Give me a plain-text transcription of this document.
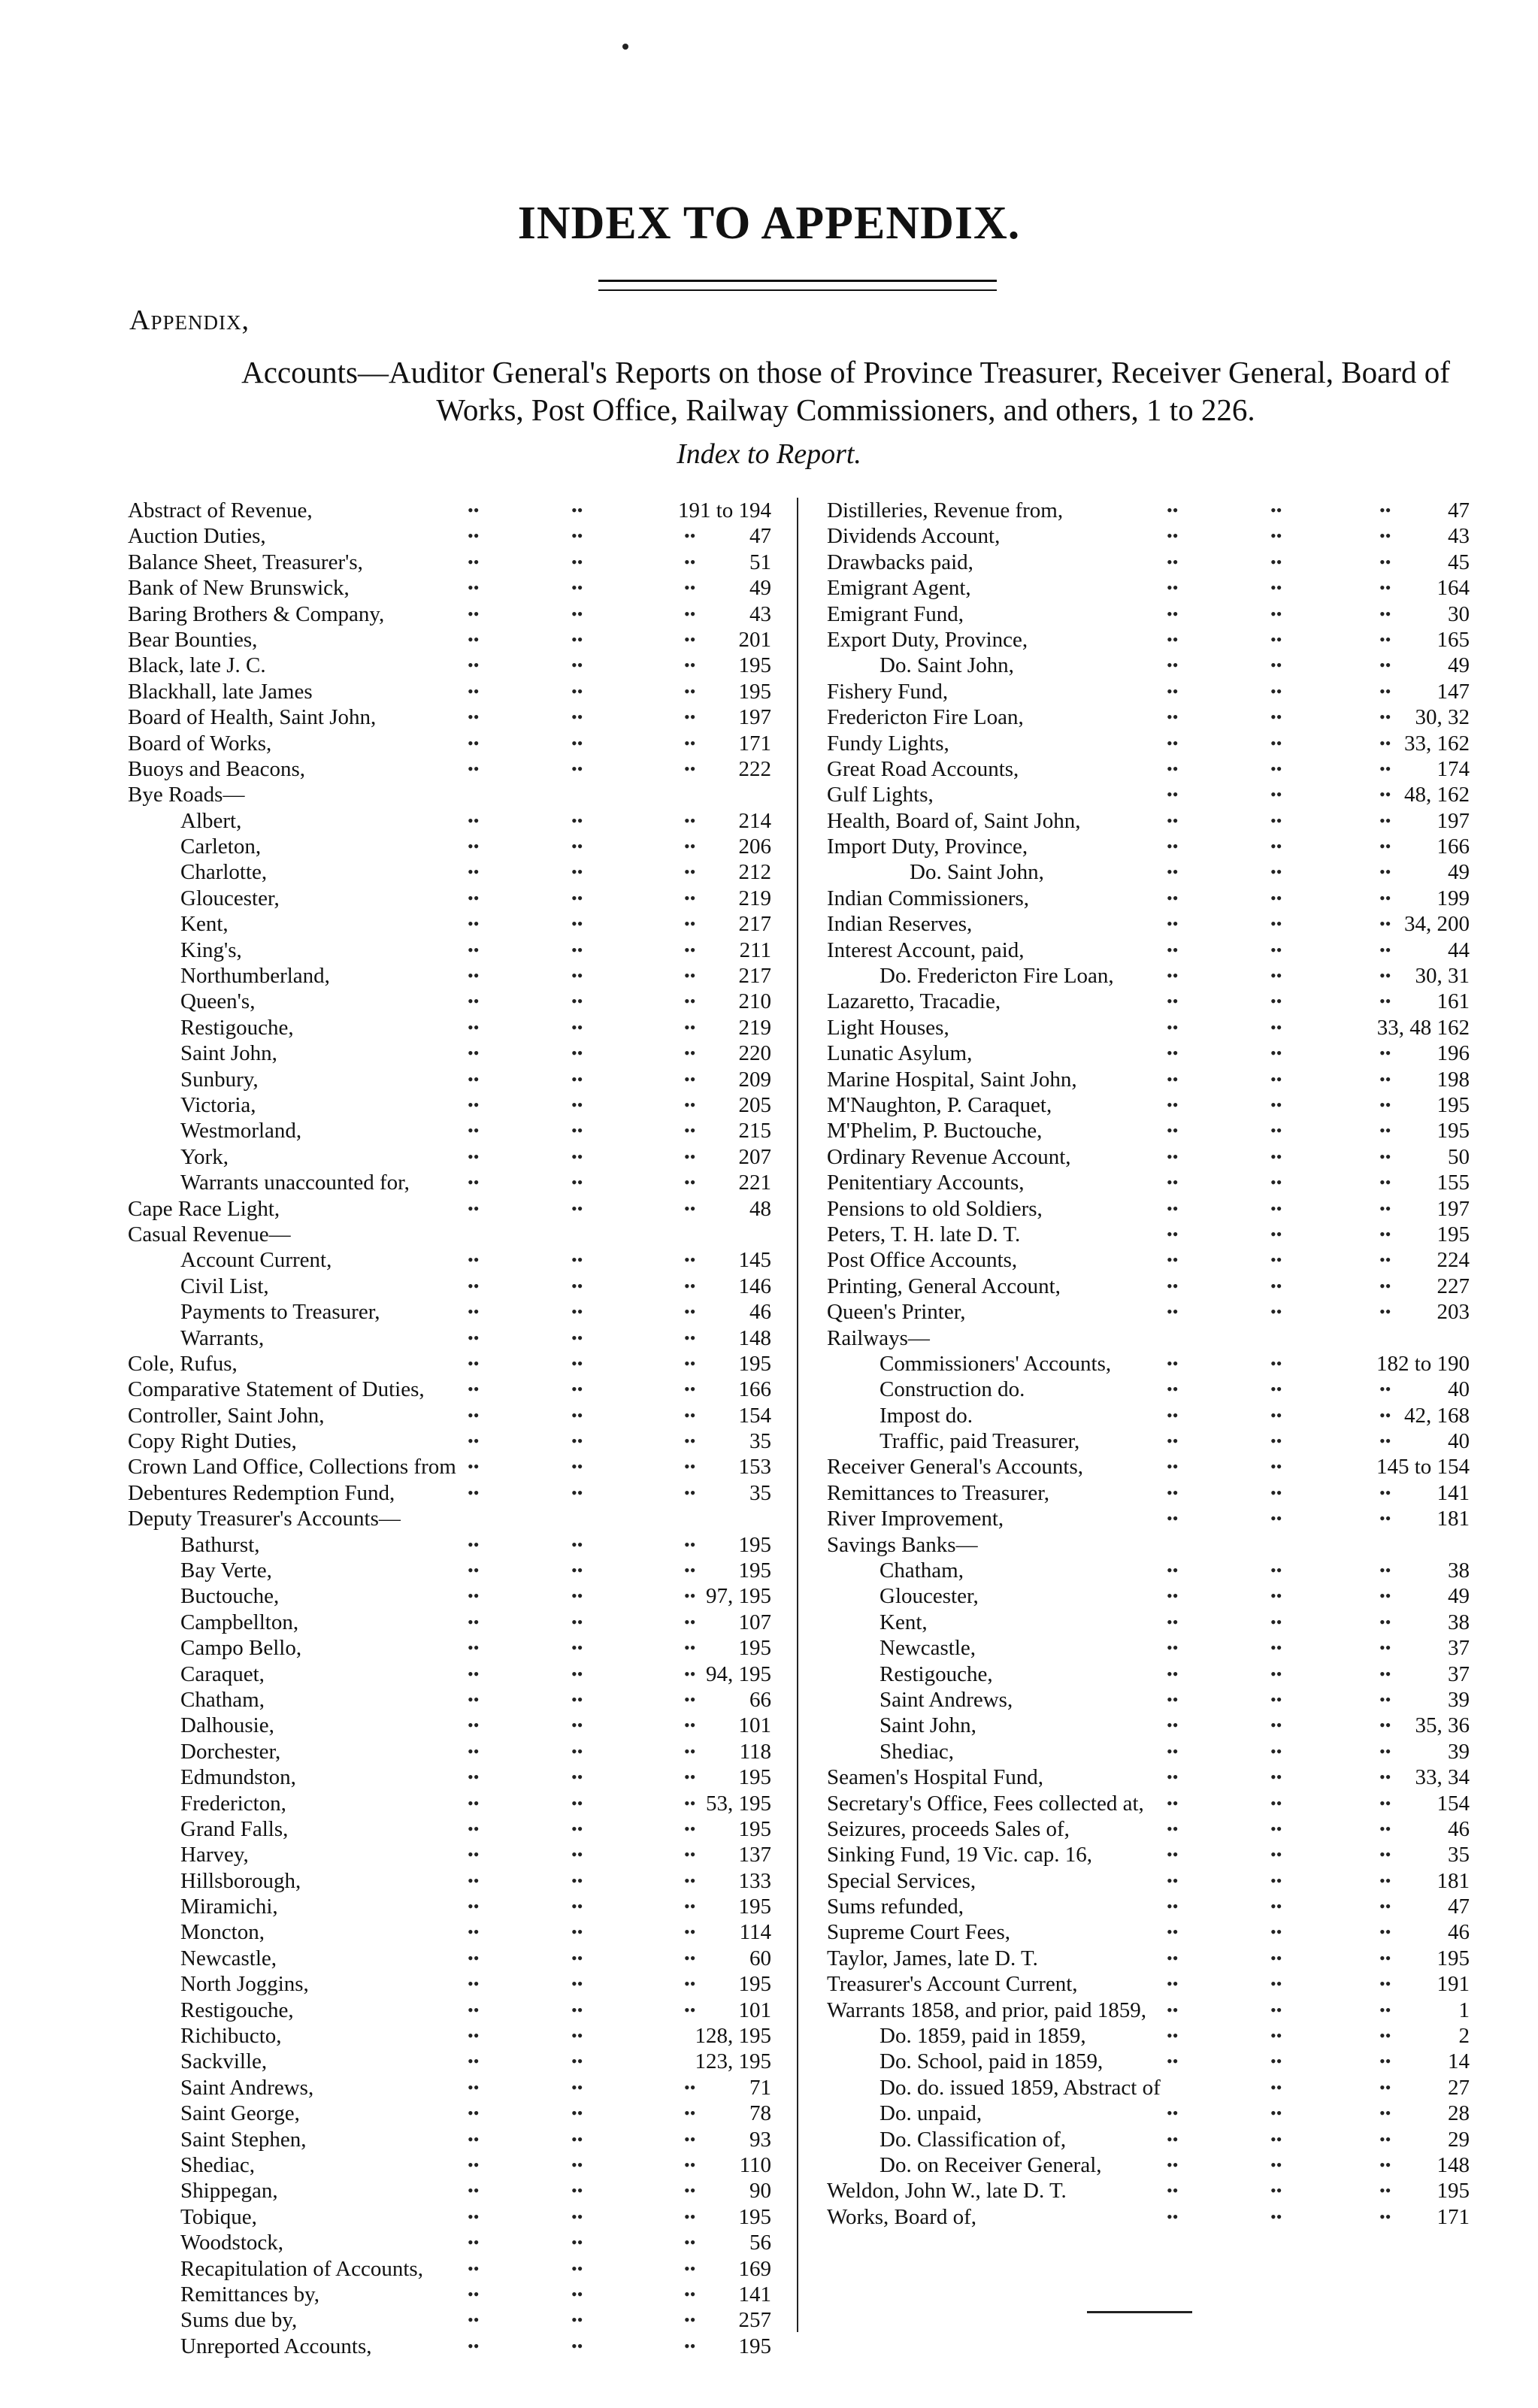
INDEX TO APPENDIX.
Appendix,
Accounts—Auditor General's Reports on those of Province Treasurer, Receiver General, Board of Works, Post Office, Railway Commissioners, and others, 1 to 226.
Index to Report.
Abstract of Revenue,	••	••	191 to 194
Auction Duties,	••	••	•• 47
Balance Sheet, Treasurer's,	••	••	•• 51
Bank of New Brunswick,	••	••	•• 49
Baring Brothers & Company,	••	••	•• 43
Bear Bounties,	••	••	•• 201
Black, late J. C.	••	••	•• 195
Blackhall, late James	••	••	•• 195
Board of Health, Saint John,	••	••	•• 197
Board of Works,	••	••	•• 171
Buoys and Beacons,	••	••	•• 222
Bye Roads—
Albert,	••	••	•• 214
Carleton,	••	••	•• 206
Charlotte,	••	••	•• 212
Gloucester,	••	••	•• 219
Kent,	••	••	•• 217
King's,	••	••	•• 211
Northumberland,	••	••	•• 217
Queen's,	••	••	•• 210
Restigouche,	••	••	•• 219
Saint John,	••	••	•• 220
Sunbury,	••	••	•• 209
Victoria,	••	••	•• 205
Westmorland,	••	••	•• 215
York,	••	••	•• 207
Warrants unaccounted for,	••	••	•• 221
Cape Race Light,	••	••	•• 48
Casual Revenue—
Account Current,	••	••	•• 145
Civil List,	••	••	•• 146
Payments to Treasurer,	••	••	•• 46
Warrants,	••	••	•• 148
Cole, Rufus,	••	••	•• 195
Comparative Statement of Duties,	••	••	•• 166
Controller, Saint John,	••	••	•• 154
Copy Right Duties,	••	••	•• 35
Crown Land Office, Collections from ••	••	•• 153
Debentures Redemption Fund,	••	••	•• 35
Deputy Treasurer's Accounts—
Bathurst,	••	••	•• 195
Bay Verte,	••	••	•• 195
Buctouche,	••	••	•• 97, 195
Campbellton,	••	••	•• 107
Campo Bello,	••	••	•• 195
Caraquet,	••	••	•• 94, 195
Chatham,	••	••	•• 66
Dalhousie,	••	••	•• 101
Dorchester,	••	••	•• 118
Edmundston,	••	••	•• 195
Fredericton,	••	••	•• 53, 195
Grand Falls,	••	••	•• 195
Harvey,	••	••	•• 137
Hillsborough,	••	••	•• 133
Miramichi,	••	••	•• 195
Moncton,	••	••	•• 114
Newcastle,	••	••	•• 60
North Joggins,	••	••	•• 195
Restigouche,	••	••	•• 101
Richibucto,	••	••	128, 195
Sackville,	••	••	123, 195
Saint Andrews,	••	••	•• 71
Saint George,	••	••	•• 78
Saint Stephen,	••	••	•• 93
Shediac,	••	••	•• 110
Shippegan,	••	••	•• 90
Tobique,	••	••	•• 195
Woodstock,	••	••	•• 56
Recapitulation of Accounts,	••	••	•• 169
Remittances by,	••	••	•• 141
Sums due by,	••	••	•• 257
Unreported Accounts,	••	••	•• 195
Distilleries, Revenue from,	••	••	••	47
Dividends Account,	••	••	••	43
Drawbacks paid,	••	••	••	45
Emigrant Agent,	••	••	•• 164
Emigrant Fund,	••	••	••	30
Export Duty, Province,	••	••	•• 165
Do. Saint John,	••	••	••	49
Fishery Fund,	••	••	•• 147
Fredericton Fire Loan,	••	••	•• 30, 32
Fundy Lights,	••	••	•• 33, 162
Great Road Accounts,	••	••	•• 174
Gulf Lights,	••	••	•• 48, 162
Health, Board of, Saint John,	••	••	•• 197
Import Duty, Province,	••	••	•• 166
Do. Saint John,	••	••	••	49
Indian Commissioners,	••	••	•• 199
Indian Reserves,	••	••	•• 34, 200
Interest Account, paid,	••	••	••	44
Do. Fredericton Fire Loan,	••	••	•• 30, 31
Lazaretto, Tracadie,	••	••	•• 161
Light Houses,	••	••	33, 48 162
Lunatic Asylum,	••	••	•• 196
Marine Hospital, Saint John,	••	••	•• 198
M'Naughton, P. Caraquet,	••	••	•• 195
M'Phelim, P. Buctouche,	••	••	•• 195
Ordinary Revenue Account,	••	••	••	50
Penitentiary Accounts,	••	••	•• 155
Pensions to old Soldiers,	••	••	•• 197
Peters, T. H. late D. T.	••	••	•• 195
Post Office Accounts,	••	••	•• 224
Printing, General Account,	••	••	•• 227
Queen's Printer,	••	••	•• 203
Railways—
Commissioners' Accounts,	••	••	182 to 190
Construction do.	••	••	••	40
Impost do.	••	••	•• 42, 168
Traffic, paid Treasurer,	••	••	••	40
Receiver General's Accounts,	••	••	145 to 154
Remittances to Treasurer,	••	••	•• 141
River Improvement,	••	••	•• 181
Savings Banks—
Chatham,	••	••	••	38
Gloucester,	••	••	••	49
Kent,	••	••	••	38
Newcastle,	••	••	••	37
Restigouche,	••	••	••	37
Saint Andrews,	••	••	••	39
Saint John,	••	••	•• 35, 36
Shediac,	••	••	••	39
Seamen's Hospital Fund,	••	••	•• 33, 34
Secretary's Office, Fees collected at, ••	••	•• 154
Seizures, proceeds Sales of,	••	••	••	46
Sinking Fund, 19 Vic. cap. 16,	••	••	••	35
Special Services,	••	••	•• 181
Sums refunded,	••	••	••	47
Supreme Court Fees,	••	••	••	46
Taylor, James, late D. T.	••	••	•• 195
Treasurer's Account Current,	••	••	•• 191
Warrants 1858, and prior, paid 1859, ••	••	••	1
Do. 1859, paid in 1859,	••	••	••	2
Do. School, paid in 1859,	••	••	••	14
Do. do. issued 1859, Abstract of	••	••	27
Do. unpaid,	••	••	••	28
Do. Classification of,	••	••	••	29
Do. on Receiver General,	••	••	•• 148
Weldon, John W., late D. T.	••	••	•• 195
Works, Board of,	••	••	•• 171
